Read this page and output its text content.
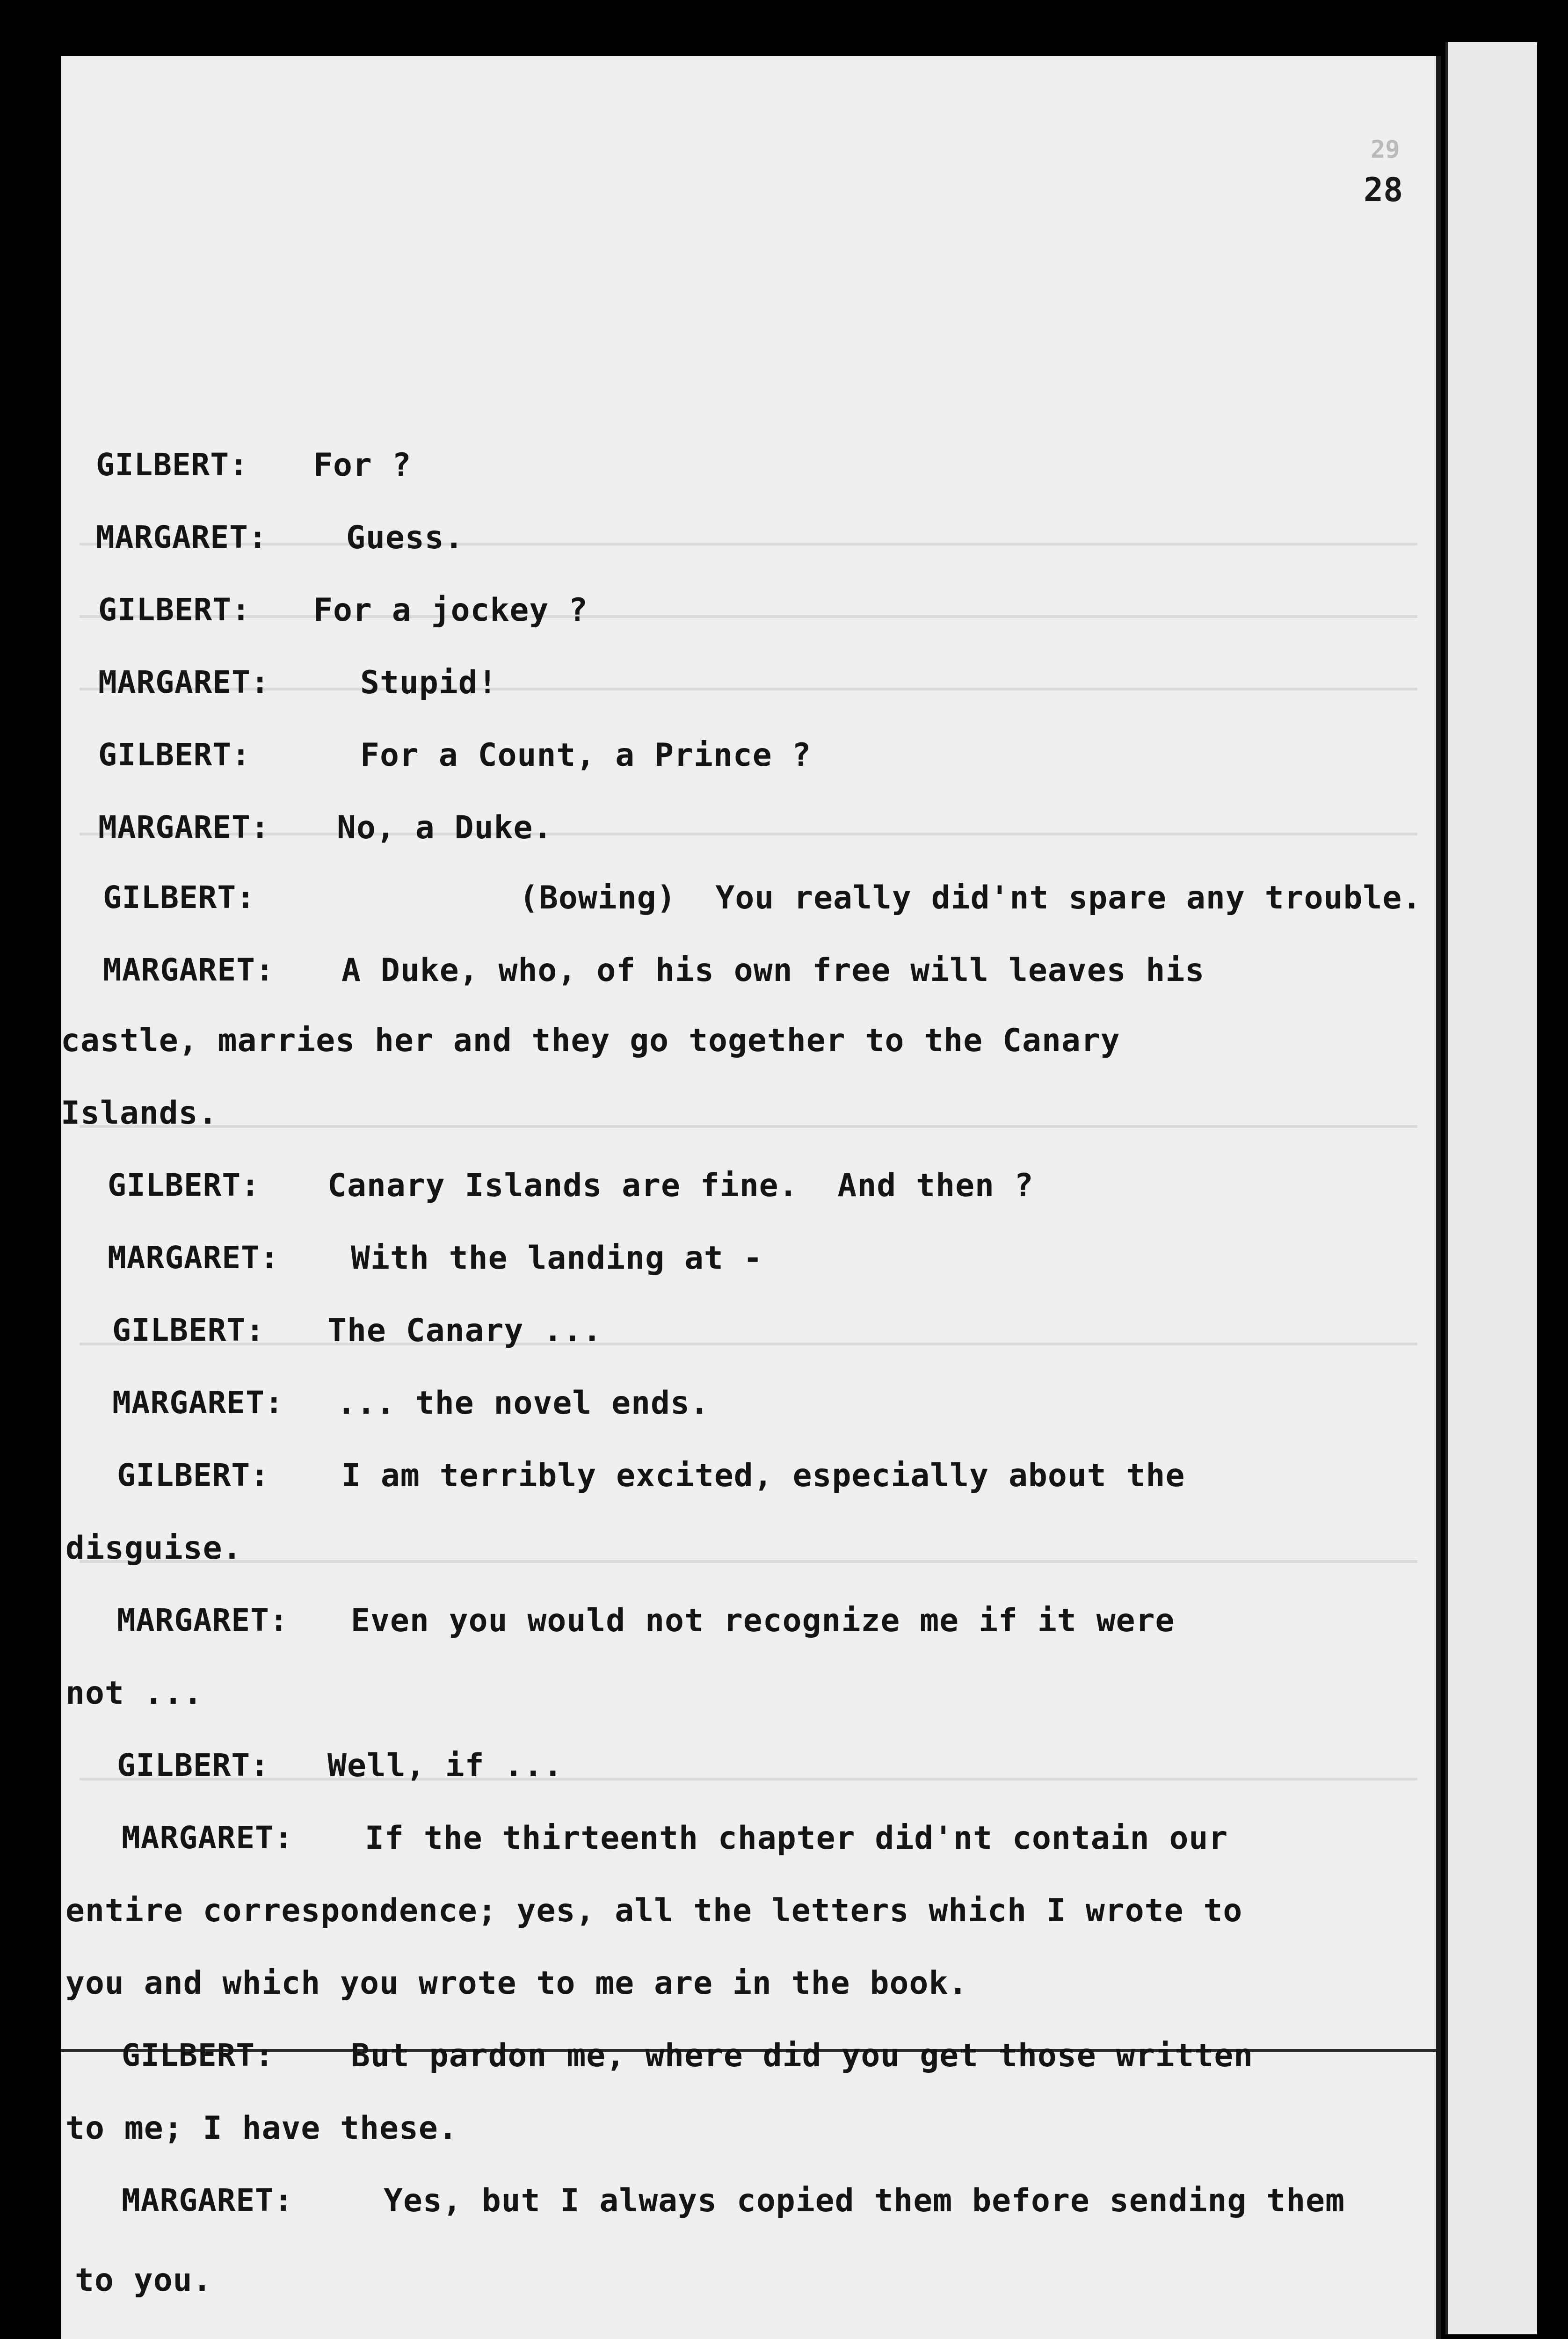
29
28
GILBERT: For ?
MARGARET: Guess.
GILBERT: For a jockey ?
MARGARET:	Stupid!
GILBERT:	For a Count, a Prince ?
MARGARET: No, a Duke.
GILBERT:	(Bowing)  You really did'nt spare any trouble.
MARGARET: A Duke, who, of his own free will leaves his
castle, marries her and they go together to the Canary
Islands.
GILBERT: Canary Islands are fine.  And then ?
MARGARET: With the landing at -
GILBERT: The Canary ...
MARGARET: ... the novel ends.
GILBERT: I am terribly excited, especially about the
disguise.
MARGARET: Even you would not recognize me if it were
not ...
GILBERT: Well, if ...
MARGARET: If the thirteenth chapter did'nt contain our
entire correspondence; yes, all the letters which I wrote to
you and which you wrote to me are in the book.
GILBERT: But pardon me, where did you get those written
to me; I have these.
MARGARET:	Yes, but I always copied them before sending them
to you.
